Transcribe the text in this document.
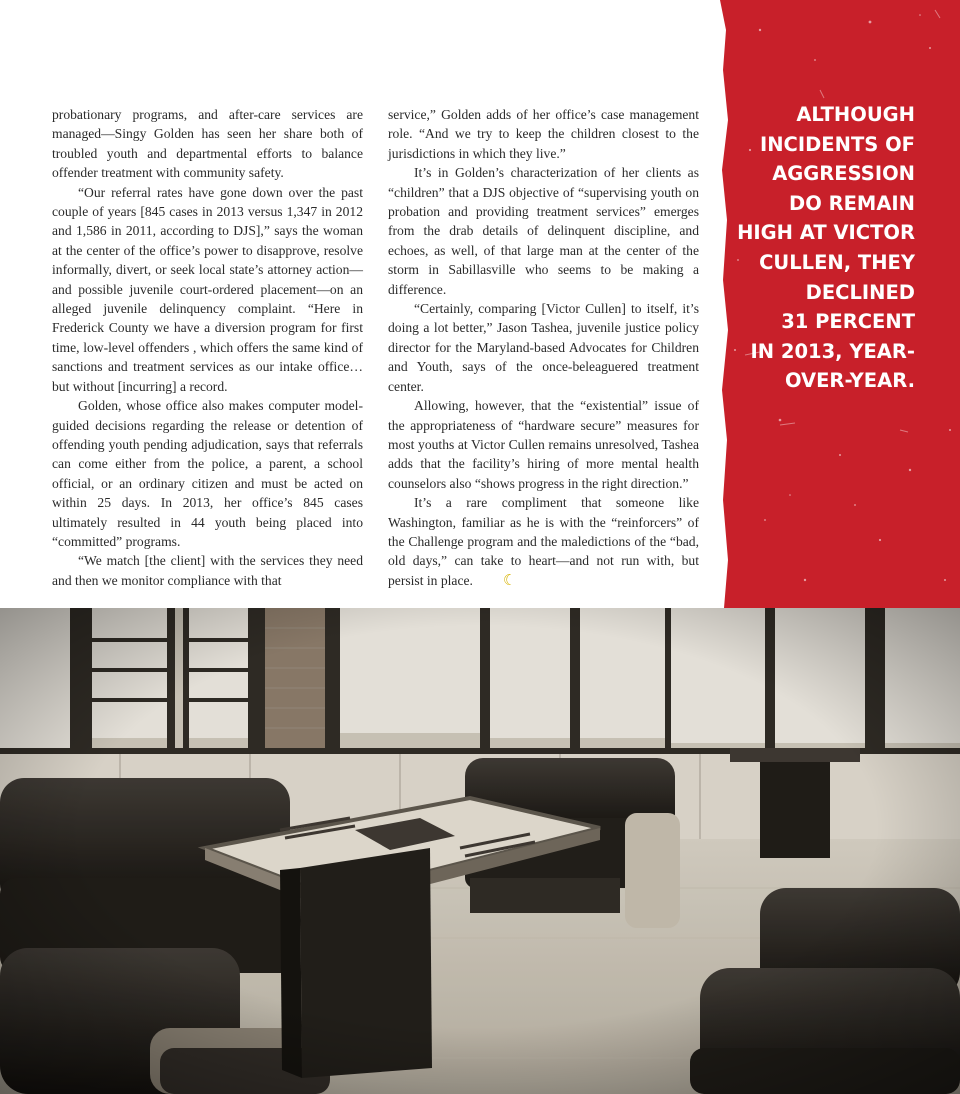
probationary programs, and after-care services are managed—Singy Golden has seen her share both of troubled youth and departmental efforts to balance offender treatment with community safety.

“Our referral rates have gone down over the past couple of years [845 cases in 2013 versus 1,347 in 2012 and 1,586 in 2011, according to DJS],” says the woman at the center of the office’s power to disapprove, resolve informally, divert, or seek local state’s attorney action—and possible juvenile court-ordered placement—on an alleged juvenile delinquency complaint. “Here in Frederick County we have a diversion program for first time, low-level offenders , which offers the same kind of sanctions and treatment services as our intake office… but without [incurring] a record.

Golden, whose office also makes computer model-guided decisions regarding the release or detention of offending youth pending adjudication, says that referrals can come either from the police, a parent, a school official, or an ordinary citizen and must be acted on within 25 days. In 2013, her office’s 845 cases ultimately resulted in 44 youth being placed into “committed” programs.

“We match [the client] with the services they need and then we monitor compliance with that

service,” Golden adds of her office’s case management role. “And we try to keep the children closest to the jurisdictions in which they live.”

It’s in Golden’s characterization of her clients as “children” that a DJS objective of “supervising youth on probation and providing treatment services” emerges from the drab details of delinquent discipline, and echoes, as well, of that large man at the center of the storm in Sabillasville who seems to be making a difference.

“Certainly, comparing [Victor Cullen] to itself, it’s doing a lot better,” Jason Tashea, juvenile justice policy director for the Maryland-based Advocates for Children and Youth, says of the once-beleaguered treatment center.

Allowing, however, that the “existential” issue of the appropriateness of “hardware secure” measures for most youths at Victor Cullen remains unresolved, Tashea adds that the facility’s hiring of more mental health counselors also “shows progress in the right direction.”

It’s a rare compliment that someone like Washington, familiar as he is with the “reinforcers” of the Challenge program and the maledictions of the “bad, old days,” can take to heart—and not run with, but persist in place. ☾

ALTHOUGH
INCIDENTS OF
AGGRESSION
DO REMAIN
HIGH AT VICTOR
CULLEN, THEY
DECLINED
31 PERCENT
IN 2013, YEAR-
OVER-YEAR.
